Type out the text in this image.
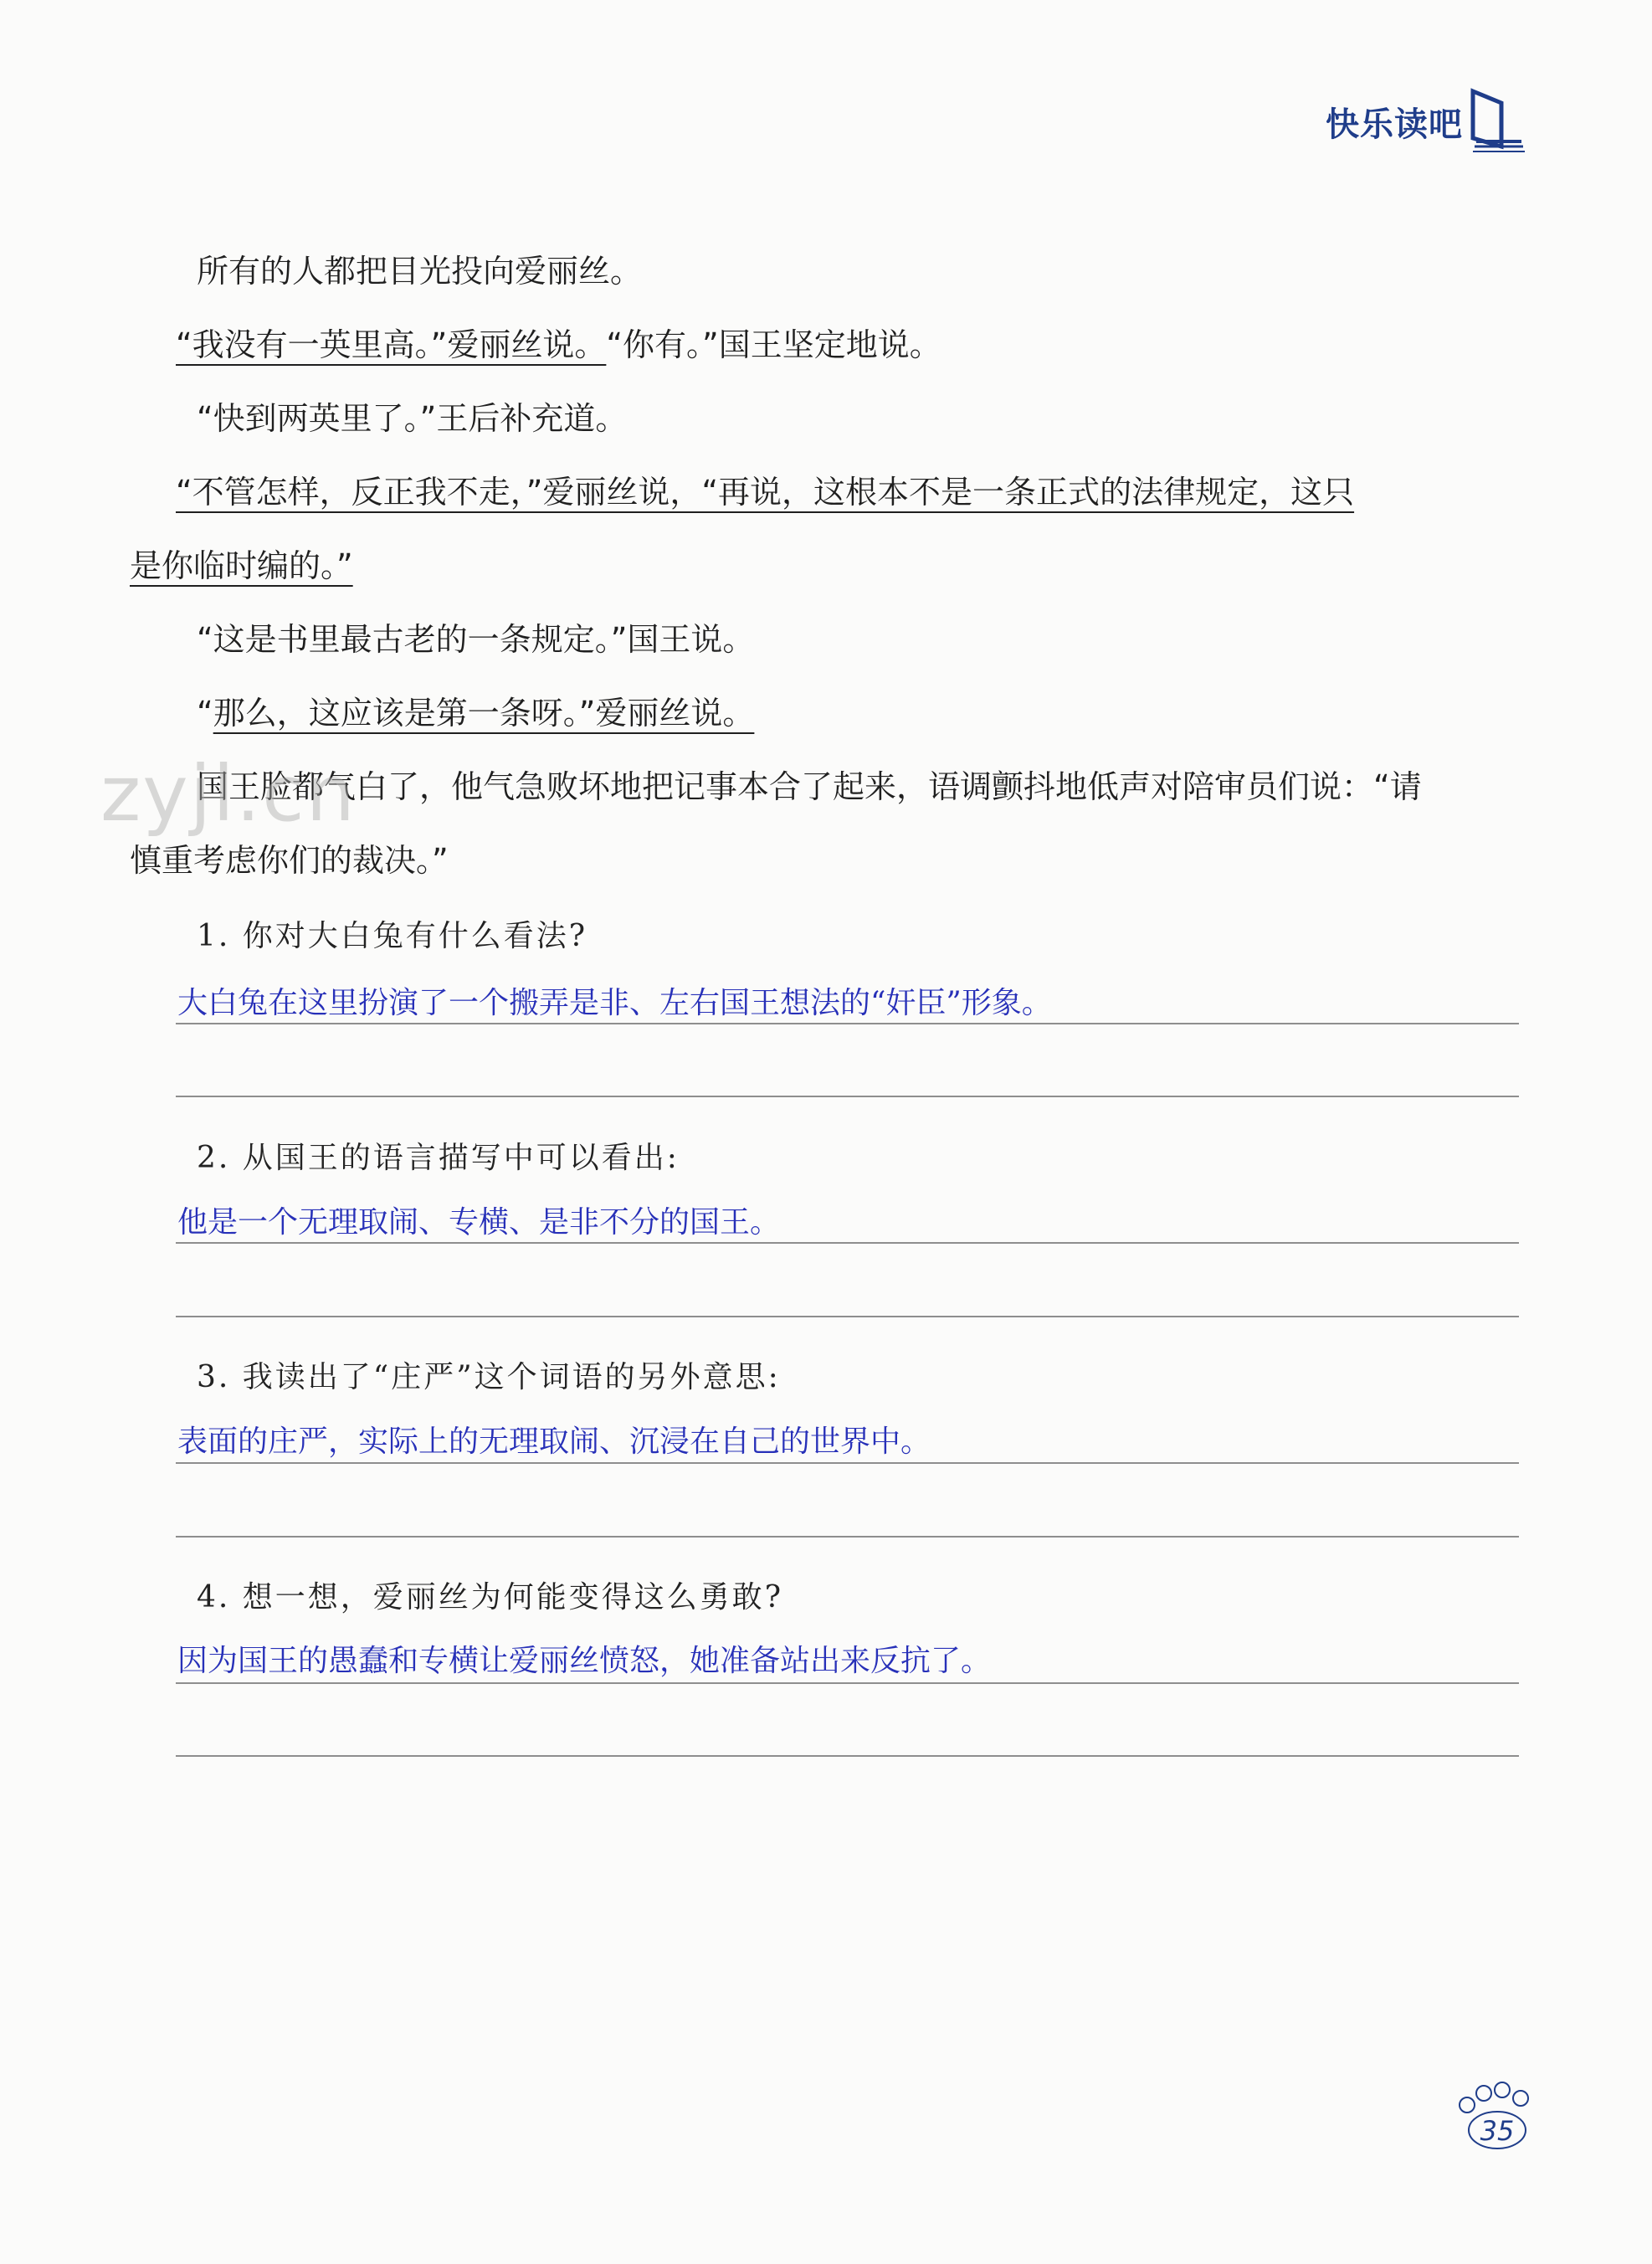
快乐读吧

所有的人都把目光投向爱丽丝。

“我没有一英里高。”爱丽丝说。“你有。”国王坚定地说。

“快到两英里了。”王后补充道。

“不管怎样，反正我不走，”爱丽丝说，“再说，这根本不是一条正式的法律规定，这只

是你临时编的。”

“这是书里最古老的一条规定。”国王说。

“那么，这应该是第一条呀。”爱丽丝说。

国王脸都气白了，他气急败坏地把记事本合了起来，语调颤抖地低声对陪审员们说：“请

慎重考虑你们的裁决。”

zyjl.cn
1. 你对大白兔有什么看法?
大白兔在这里扮演了一个搬弄是非、左右国王想法的“奸臣”形象。
2. 从国王的语言描写中可以看出:
他是一个无理取闹、专横、是非不分的国王。
3. 我读出了“庄严”这个词语的另外意思:
表面的庄严，实际上的无理取闹、沉浸在自己的世界中。
4. 想一想，爱丽丝为何能变得这么勇敢?
因为国王的愚蠢和专横让爱丽丝愤怒，她准备站出来反抗了。
35
